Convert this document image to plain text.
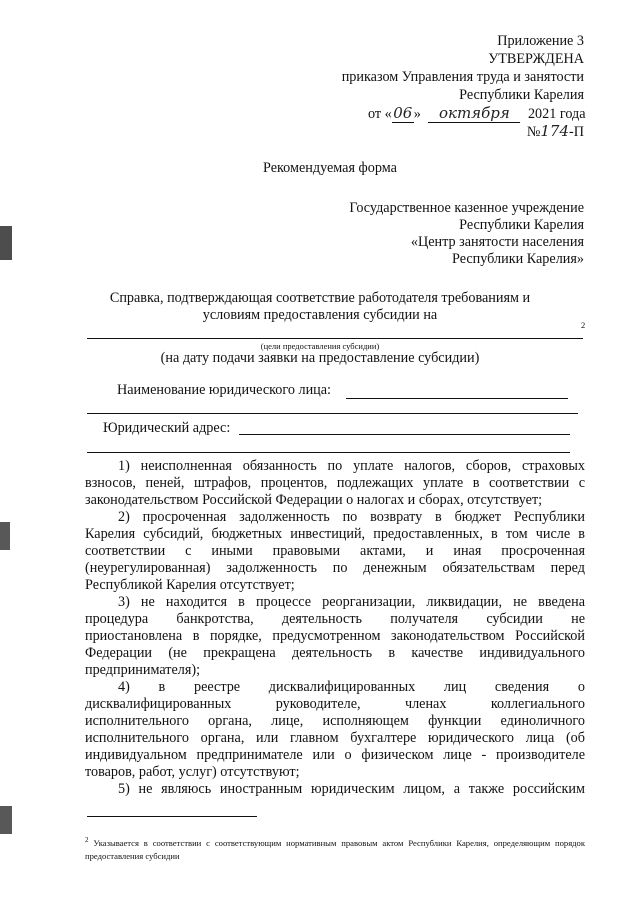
Приложение 3
УТВЕРЖДЕНА
приказом Управления труда и занятости
Республики Карелия
от «06» октября 2021 года
№174-П
Рекомендуемая форма
Государственное казенное учреждение
Республики Карелия
«Центр занятости населения
Республики Карелия»
Справка, подтверждающая соответствие работодателя требованиям и
условиям предоставления субсидии на
2
(цели предоставления субсидии)
(на дату подачи заявки на предоставление субсидии)
Наименование юридического лица:
Юридический адрес:
1) неисполненная обязанность по уплате налогов, сборов, страховых
взносов, пеней, штрафов, процентов, подлежащих уплате в соответствии с
законодательством Российской Федерации о налогах и сборах, отсутствует;
2) просроченная задолженность по возврату в бюджет Республики
Карелия субсидий, бюджетных инвестиций, предоставленных, в том числе в
соответствии с иными правовыми актами, и иная просроченная
(неурегулированная) задолженность по денежным обязательствам перед
Республикой Карелия отсутствует;
3) не находится в процессе реорганизации, ликвидации, не введена
процедура банкротства, деятельность получателя субсидии не
приостановлена в порядке, предусмотренном законодательством Российской
Федерации (не прекращена деятельность в качестве индивидуального
предпринимателя);
4) в реестре дисквалифицированных лиц сведения о
дисквалифицированных руководителе, членах коллегиального
исполнительного органа, лице, исполняющем функции единоличного
исполнительного органа, или главном бухгалтере юридического лица (об
индивидуальном предпринимателе или о физическом лице - производителе
товаров, работ, услуг) отсутствуют;
5) не являюсь иностранным юридическим лицом, а также российским
$^2$ Указывается в соответствии с соответствующим нормативным правовым актом Республики Карелия, определяющим порядок предоставления субсидии
